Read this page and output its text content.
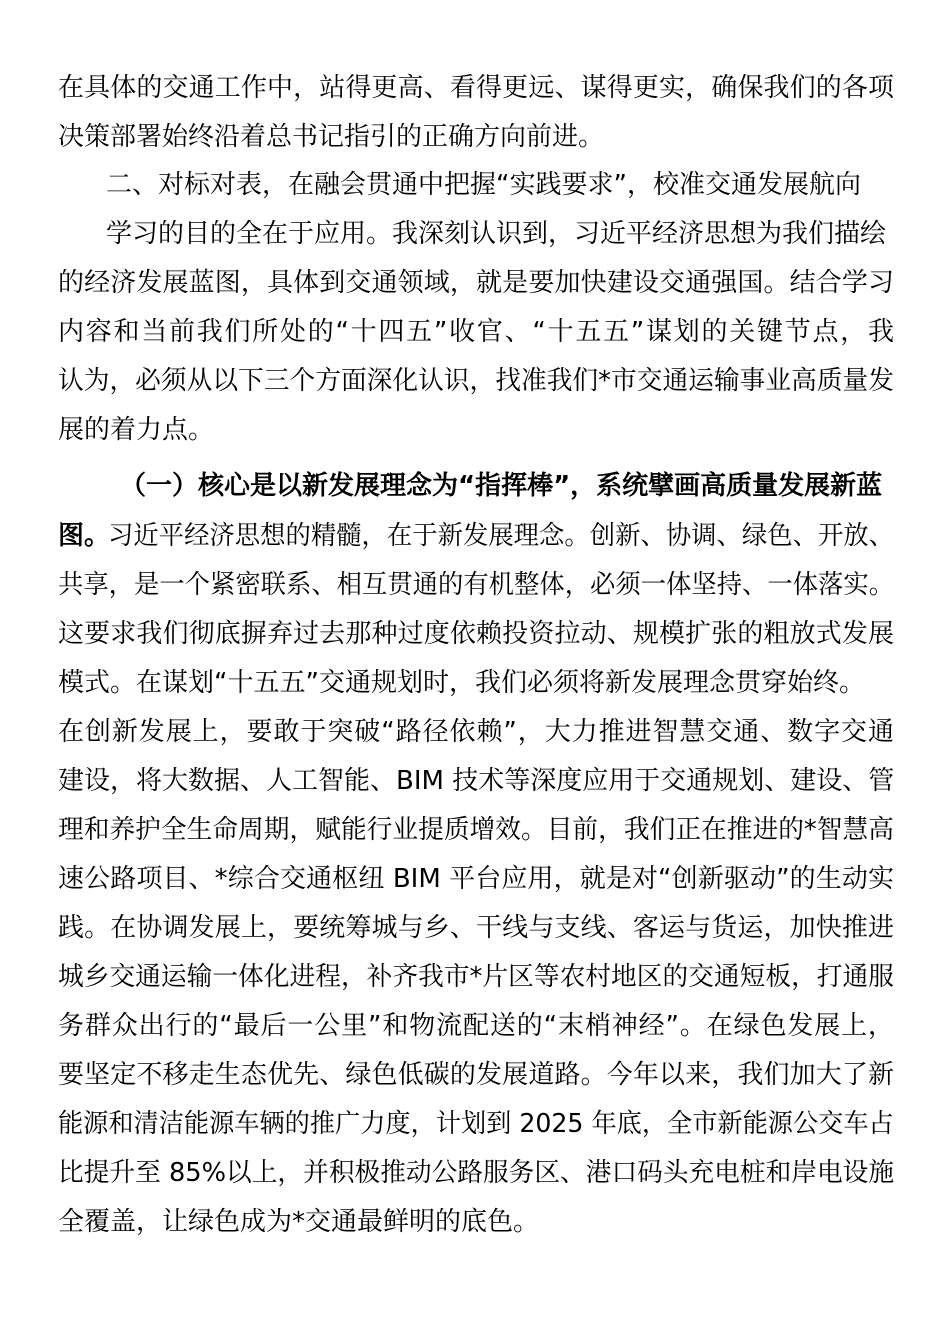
在具体的交通工作中，站得更高、看得更远、谋得更实，确保我们的各项
决策部署始终沿着总书记指引的正确方向前进。
二、对标对表，在融会贯通中把握“实践要求”，校准交通发展航向
学习的目的全在于应用。我深刻认识到，习近平经济思想为我们描绘
的经济发展蓝图，具体到交通领域，就是要加快建设交通强国。结合学习
内容和当前我们所处的“十四五”收官、“十五五”谋划的关键节点，我
认为，必须从以下三个方面深化认识，找准我们*市交通运输事业高质量发
展的着力点。
（一）核心是以新发展理念为“指挥棒”，系统擘画高质量发展新蓝
图。
习近平经济思想的精髓，在于新发展理念。创新、协调、绿色、开放、
共享，是一个紧密联系、相互贯通的有机整体，必须一体坚持、一体落实。
这要求我们彻底摒弃过去那种过度依赖投资拉动、规模扩张的粗放式发展
模式。在谋划“十五五”交通规划时，我们必须将新发展理念贯穿始终。
在创新发展上，要敢于突破“路径依赖”，大力推进智慧交通、数字交通
建设，将大数据、人工智能、BIM 技术等深度应用于交通规划、建设、管
理和养护全生命周期，赋能行业提质增效。目前，我们正在推进的*智慧高
速公路项目、*综合交通枢纽 BIM 平台应用，就是对“创新驱动”的生动实
践。在协调发展上，要统筹城与乡、干线与支线、客运与货运，加快推进
城乡交通运输一体化进程，补齐我市*片区等农村地区的交通短板，打通服
务群众出行的“最后一公里”和物流配送的“末梢神经”。在绿色发展上，
要坚定不移走生态优先、绿色低碳的发展道路。今年以来，我们加大了新
能源和清洁能源车辆的推广力度，计划到 2025 年底，全市新能源公交车占
比提升至 85%以上，并积极推动公路服务区、港口码头充电桩和岸电设施
全覆盖，让绿色成为*交通最鲜明的底色。
